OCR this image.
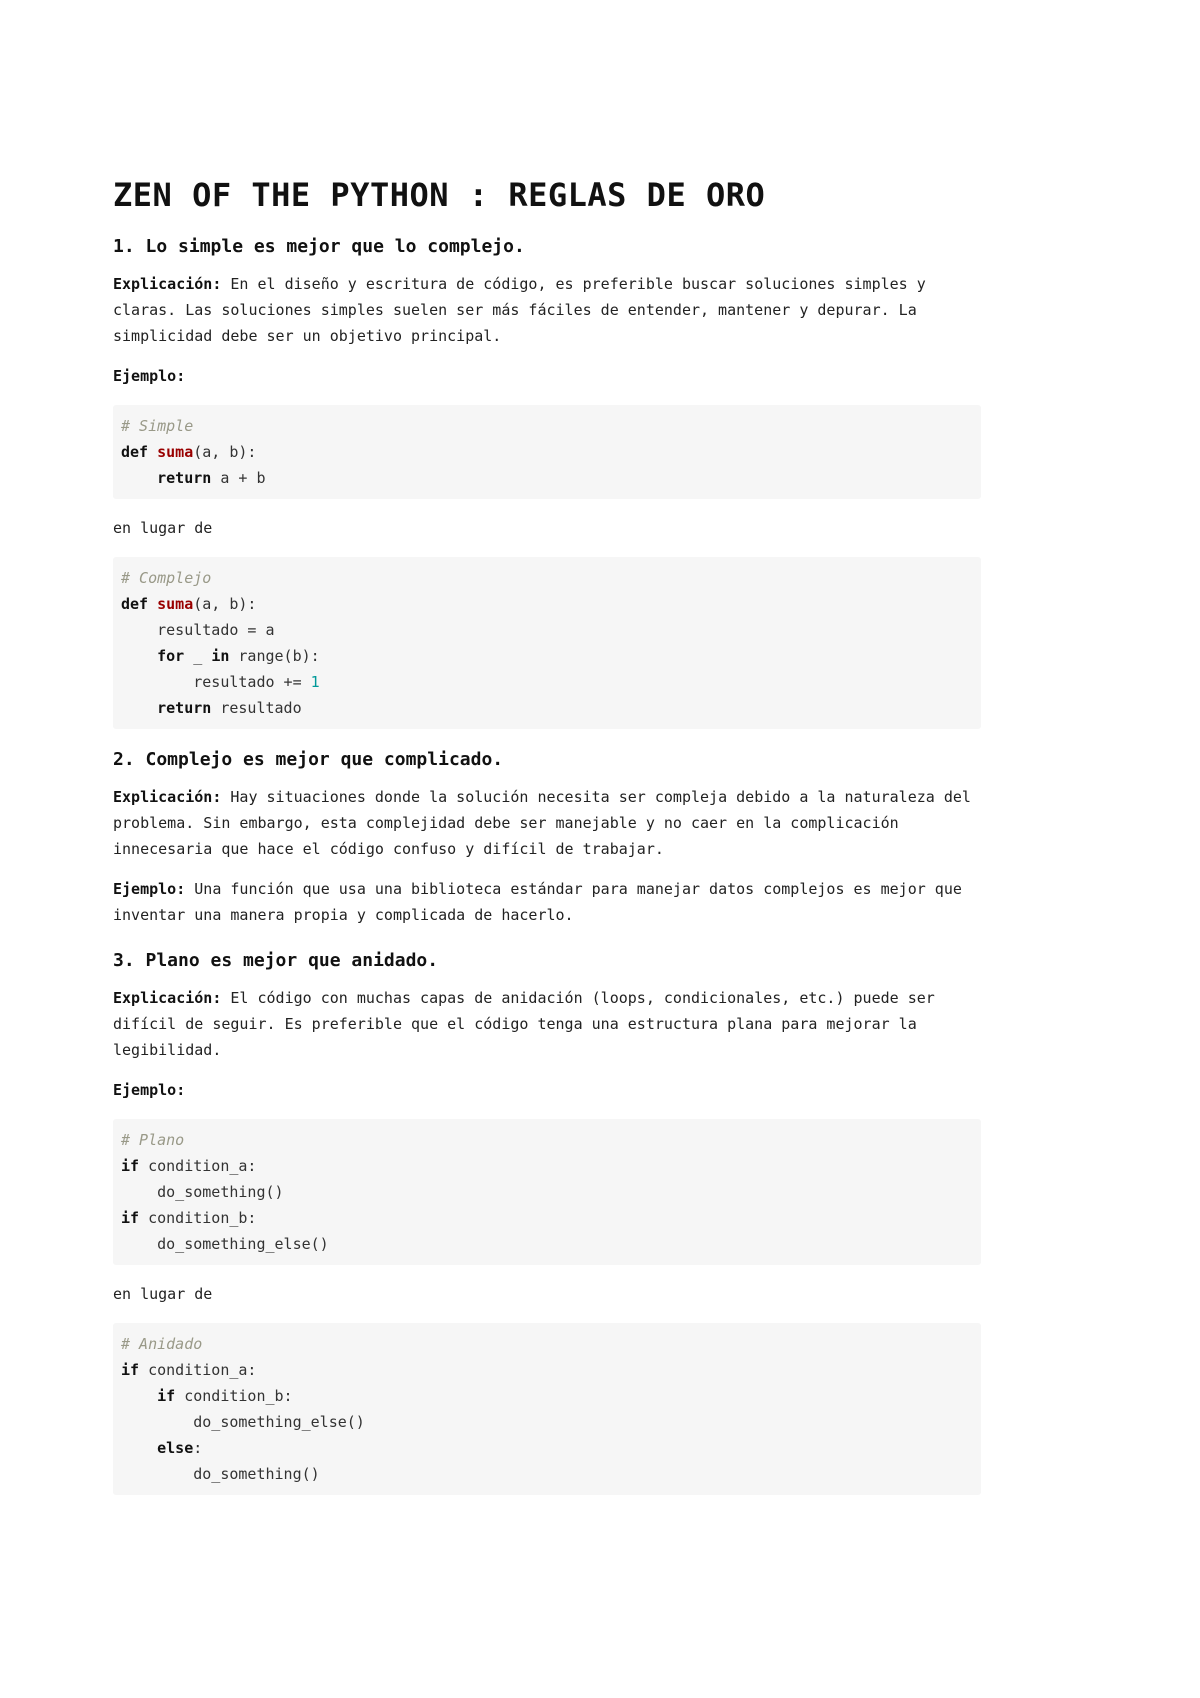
ZEN OF THE PYTHON : REGLAS DE ORO
1. Lo simple es mejor que lo complejo.

Explicación: En el diseño y escritura de código, es preferible buscar soluciones simples y claras. Las soluciones simples suelen ser más fáciles de entender, mantener y depurar. La simplicidad debe ser un objetivo principal.

Ejemplo:

# Simple
def suma(a, b):
return a + b

en lugar de

# Complejo
def suma(a, b):
resultado = a
for _ in range(b):
resultado += 1
return resultado
2. Complejo es mejor que complicado.

Explicación: Hay situaciones donde la solución necesita ser compleja debido a la naturaleza del problema. Sin embargo, esta complejidad debe ser manejable y no caer en la complicación innecesaria que hace el código confuso y difícil de trabajar.

Ejemplo: Una función que usa una biblioteca estándar para manejar datos complejos es mejor que inventar una manera propia y complicada de hacerlo.

3. Plano es mejor que anidado.

Explicación: El código con muchas capas de anidación (loops, condicionales, etc.) puede ser difícil de seguir. Es preferible que el código tenga una estructura plana para mejorar la legibilidad.

Ejemplo:

# Plano
if condition_a:
do_something()
if condition_b:
do_something_else()

en lugar de

# Anidado
if condition_a:
if condition_b:
do_something_else()
else:
do_something()
